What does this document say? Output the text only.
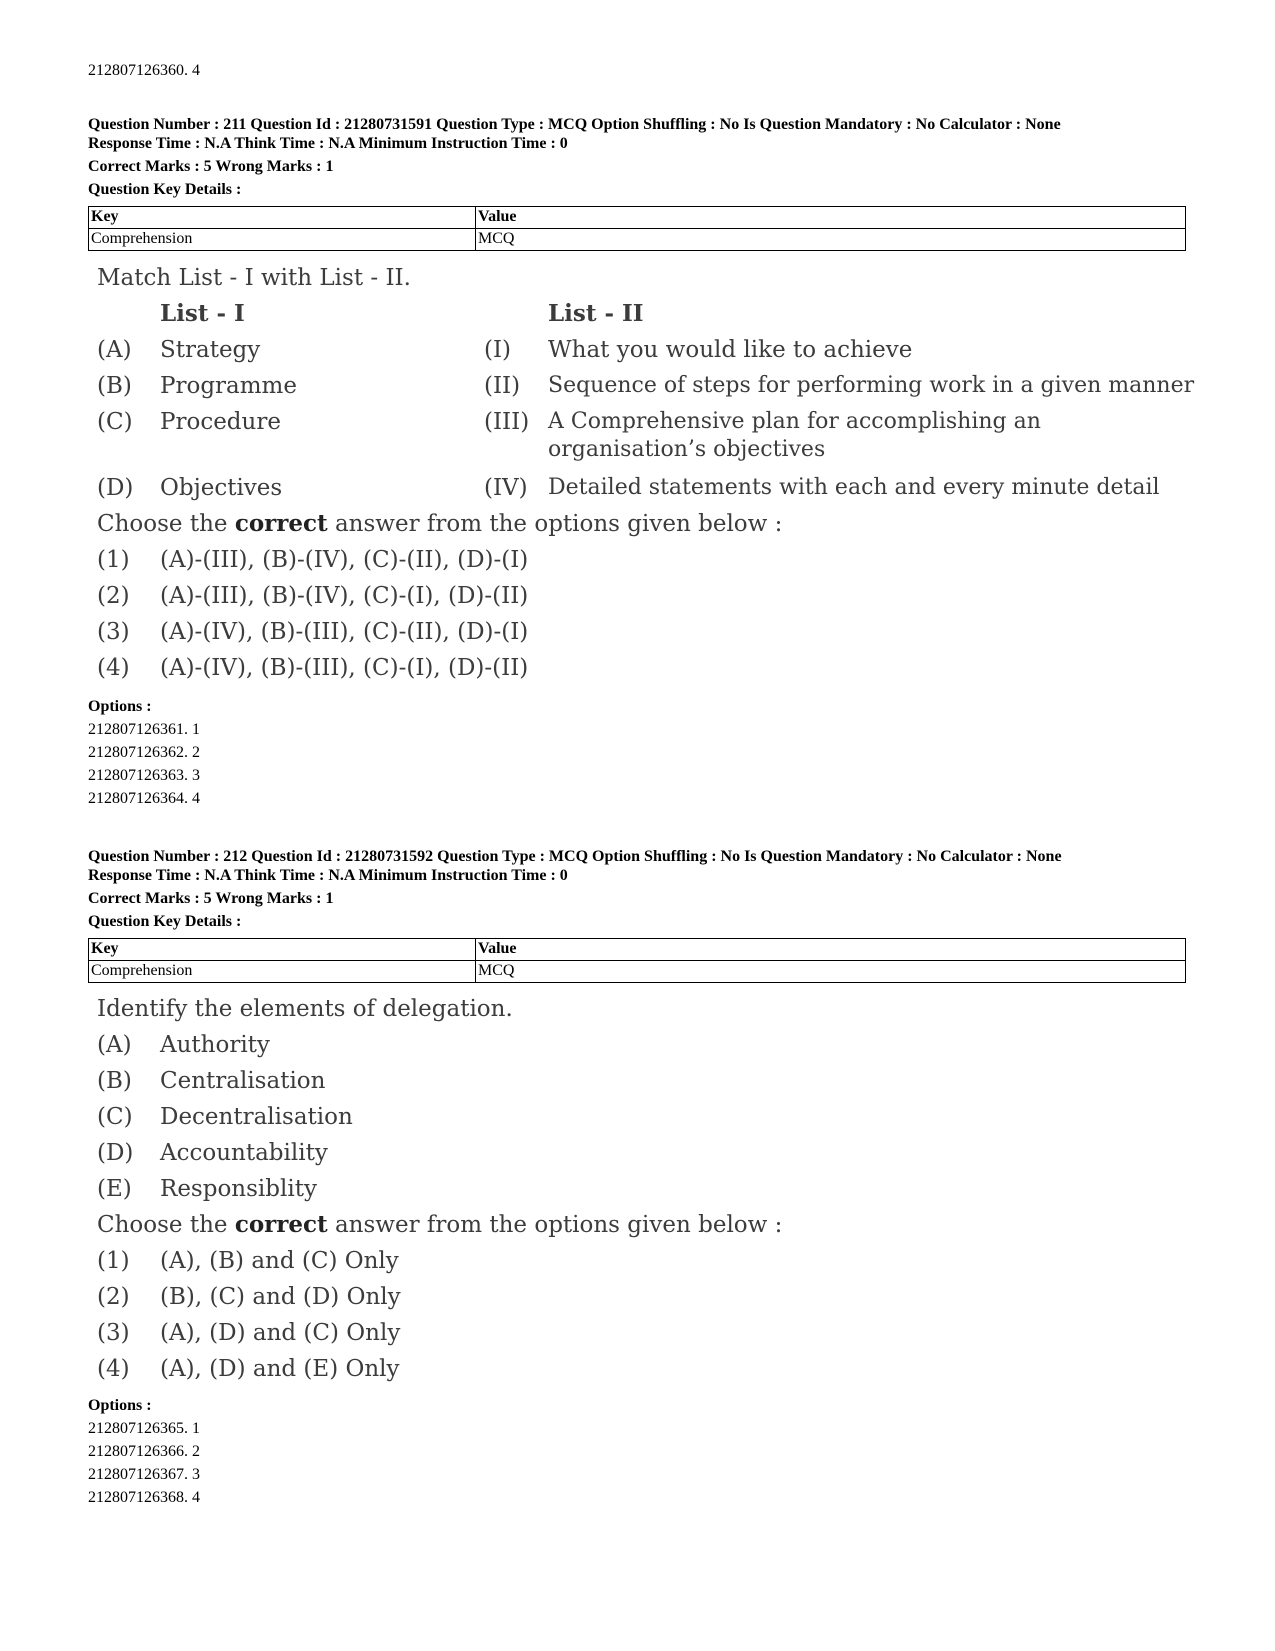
212807126360. 4
Question Number : 211 Question Id : 21280731591 Question Type : MCQ Option Shuffling : No Is Question Mandatory : No Calculator : None
Response Time : N.A Think Time : N.A Minimum Instruction Time : 0
Correct Marks : 5 Wrong Marks : 1
Question Key Details :
Key	Value
Comprehension	MCQ
Match List - I with List - II.
List - I	List - II
(A) Strategy	(I) What you would like to achieve
(B) Programme	(II) Sequence of steps for performing work in a given manner
(C) Procedure	(III) A Comprehensive plan for accomplishing an organisation’s objectives
(D) Objectives	(IV) Detailed statements with each and every minute detail
Choose the correct answer from the options given below :
(1) (A)-(III), (B)-(IV), (C)-(II), (D)-(I)
(2) (A)-(III), (B)-(IV), (C)-(I), (D)-(II)
(3) (A)-(IV), (B)-(III), (C)-(II), (D)-(I)
(4) (A)-(IV), (B)-(III), (C)-(I), (D)-(II)
Options :
212807126361. 1
212807126362. 2
212807126363. 3
212807126364. 4
Question Number : 212 Question Id : 21280731592 Question Type : MCQ Option Shuffling : No Is Question Mandatory : No Calculator : None
Response Time : N.A Think Time : N.A Minimum Instruction Time : 0
Correct Marks : 5 Wrong Marks : 1
Question Key Details :
Key	Value
Comprehension	MCQ
Identify the elements of delegation.
(A) Authority
(B) Centralisation
(C) Decentralisation
(D) Accountability
(E) Responsiblity
Choose the correct answer from the options given below :
(1) (A), (B) and (C) Only
(2) (B), (C) and (D) Only
(3) (A), (D) and (C) Only
(4) (A), (D) and (E) Only
Options :
212807126365. 1
212807126366. 2
212807126367. 3
212807126368. 4
